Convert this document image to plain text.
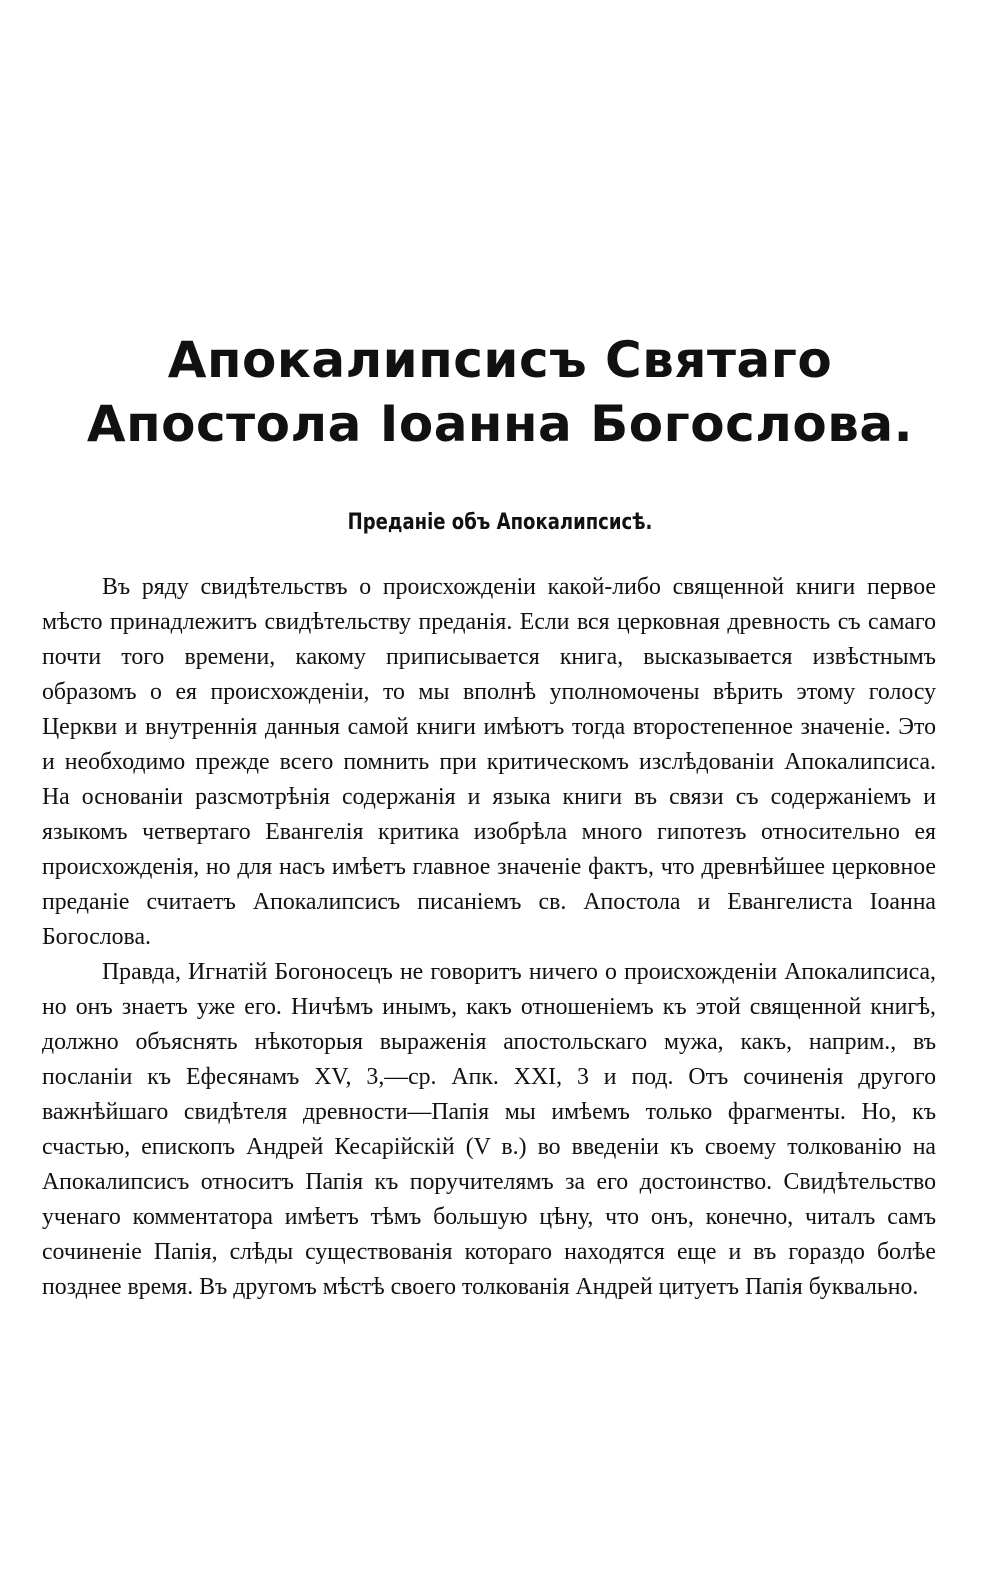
Апокалипсисъ Святаго
Апостола Іоанна Богослова.
Преданіе объ Апокалипсисѣ.

Въ ряду свидѣтельствъ о происхожденіи какой-либо священной книги первое мѣсто принадлежитъ свидѣтельству преданія. Если вся церковная древность съ самаго почти того времени, какому приписывается книга, высказывается извѣстнымъ образомъ о ея происхожденіи, то мы вполнѣ уполномочены вѣрить этому голосу Церкви и внутреннія данныя самой книги имѣютъ тогда второстепенное значеніе. Это и необходимо прежде всего помнить при критическомъ изслѣдованіи Апокалипсиса. На основаніи разсмотрѣнія содержанія и языка книги въ связи съ содержаніемъ и языкомъ четвертаго Евангелія критика изобрѣла много гипотезъ относительно ея происхожденія, но для насъ имѣетъ главное значеніе фактъ, что древнѣйшее церковное преданіе считаетъ Апокалипсисъ писаніемъ св. Апостола и Евангелиста Іоанна Богослова.

Правда, Игнатій Богоносецъ не говоритъ ничего о происхожденіи Апокалипсиса, но онъ знаетъ уже его. Ничѣмъ инымъ, какъ отношеніемъ къ этой священной книгѣ, должно объяснять нѣкоторыя выраженія апостольскаго мужа, какъ, наприм., въ посланіи къ Ефесянамъ XV, 3,—ср. Апк. XXI, 3 и под. Отъ сочиненія другого важнѣйшаго свидѣтеля древности—Папія мы имѣемъ только фрагменты. Но, къ счастью, епископъ Андрей Кесарійскій (V в.) во введеніи къ своему толкованію на Апокалипсисъ относитъ Папія къ поручителямъ за его достоинство. Свидѣтельство ученаго комментатора имѣетъ тѣмъ большую цѣну, что онъ, конечно, читалъ самъ сочиненіе Папія, слѣды существованія котораго находятся еще и въ гораздо болѣе позднее время. Въ другомъ мѣстѣ своего толкованія Андрей цитуетъ Папія буквально.
